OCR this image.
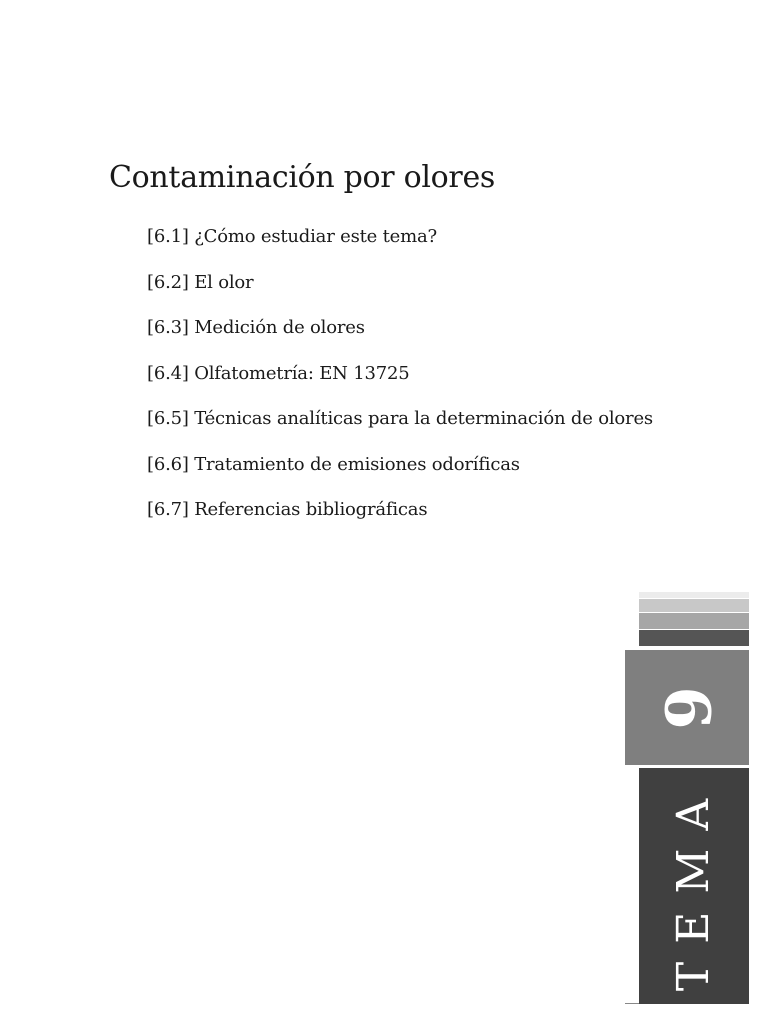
Contaminación por olores
[6.1] ¿Cómo estudiar este tema?
[6.2] El olor
[6.3] Medición de olores
[6.4] Olfatometría: EN 13725
[6.5] Técnicas analíticas para la determinación de olores
[6.6] Tratamiento de emisiones odoríficas
[6.7] Referencias bibliográficas
6
TEMA
